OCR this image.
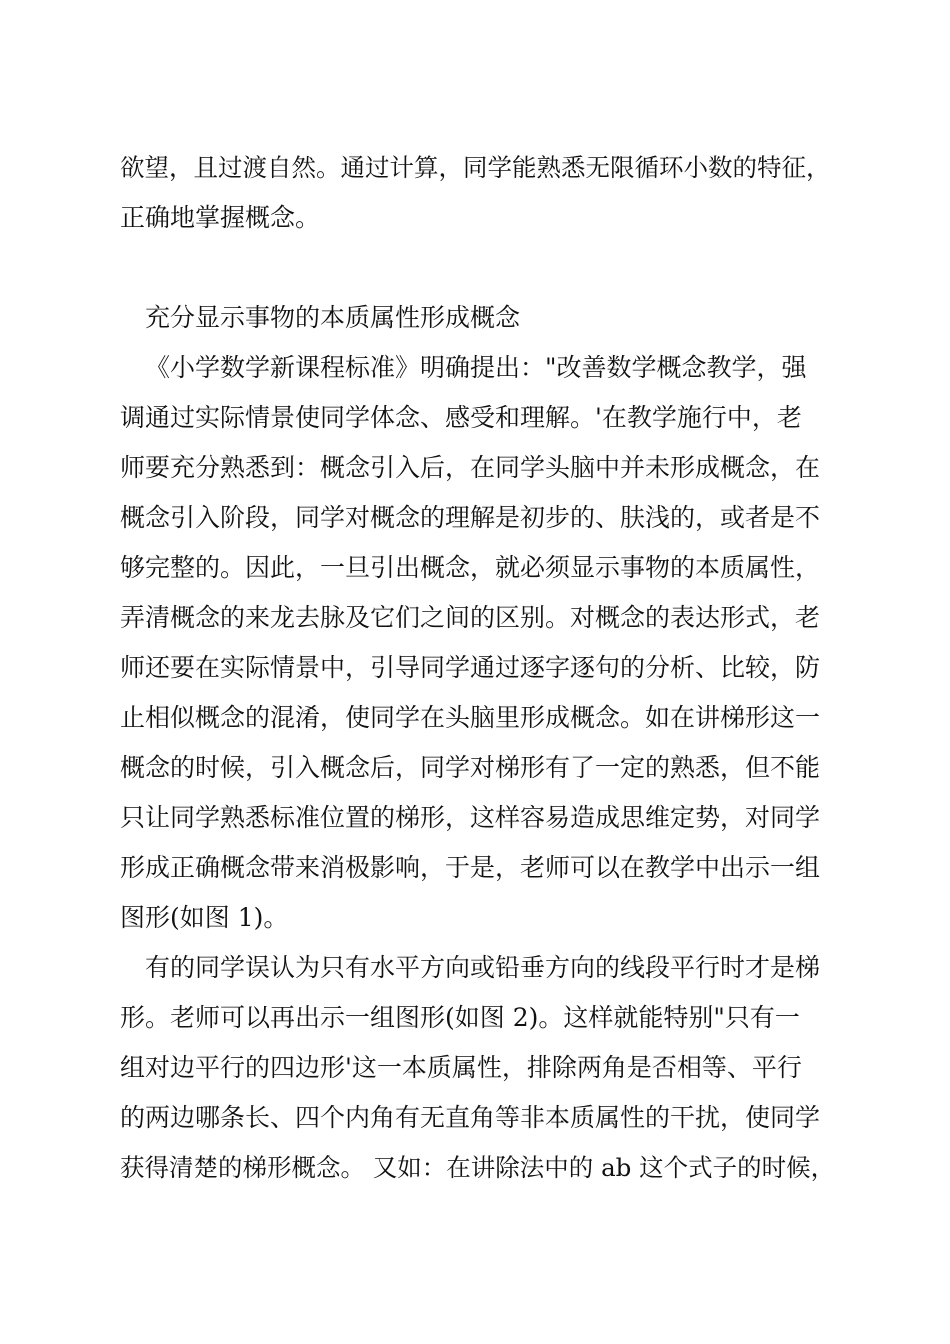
欲望，且过渡自然。通过计算，同学能熟悉无限循环小数的特征，
正确地掌握概念。
充分显示事物的本质属性形成概念
《小学数学新课程标准》明确提出："改善数学概念教学，强
调通过实际情景使同学体念、感受和理解。'在教学施行中，老
师要充分熟悉到：概念引入后，在同学头脑中并未形成概念，在
概念引入阶段，同学对概念的理解是初步的、肤浅的，或者是不
够完整的。因此，一旦引出概念，就必须显示事物的本质属性，
弄清概念的来龙去脉及它们之间的区别。对概念的表达形式，老
师还要在实际情景中，引导同学通过逐字逐句的分析、比较，防
止相似概念的混淆，使同学在头脑里形成概念。如在讲梯形这一
概念的时候，引入概念后，同学对梯形有了一定的熟悉，但不能
只让同学熟悉标准位置的梯形，这样容易造成思维定势，对同学
形成正确概念带来消极影响，于是，老师可以在教学中出示一组
图形(如图 1)。
有的同学误认为只有水平方向或铅垂方向的线段平行时才是梯
形。老师可以再出示一组图形(如图 2)。这样就能特别"只有一
组对边平行的四边形'这一本质属性，排除两角是否相等、平行
的两边哪条长、四个内角有无直角等非本质属性的干扰，使同学
获得清楚的梯形概念。 又如：在讲除法中的 ab 这个式子的时候，
